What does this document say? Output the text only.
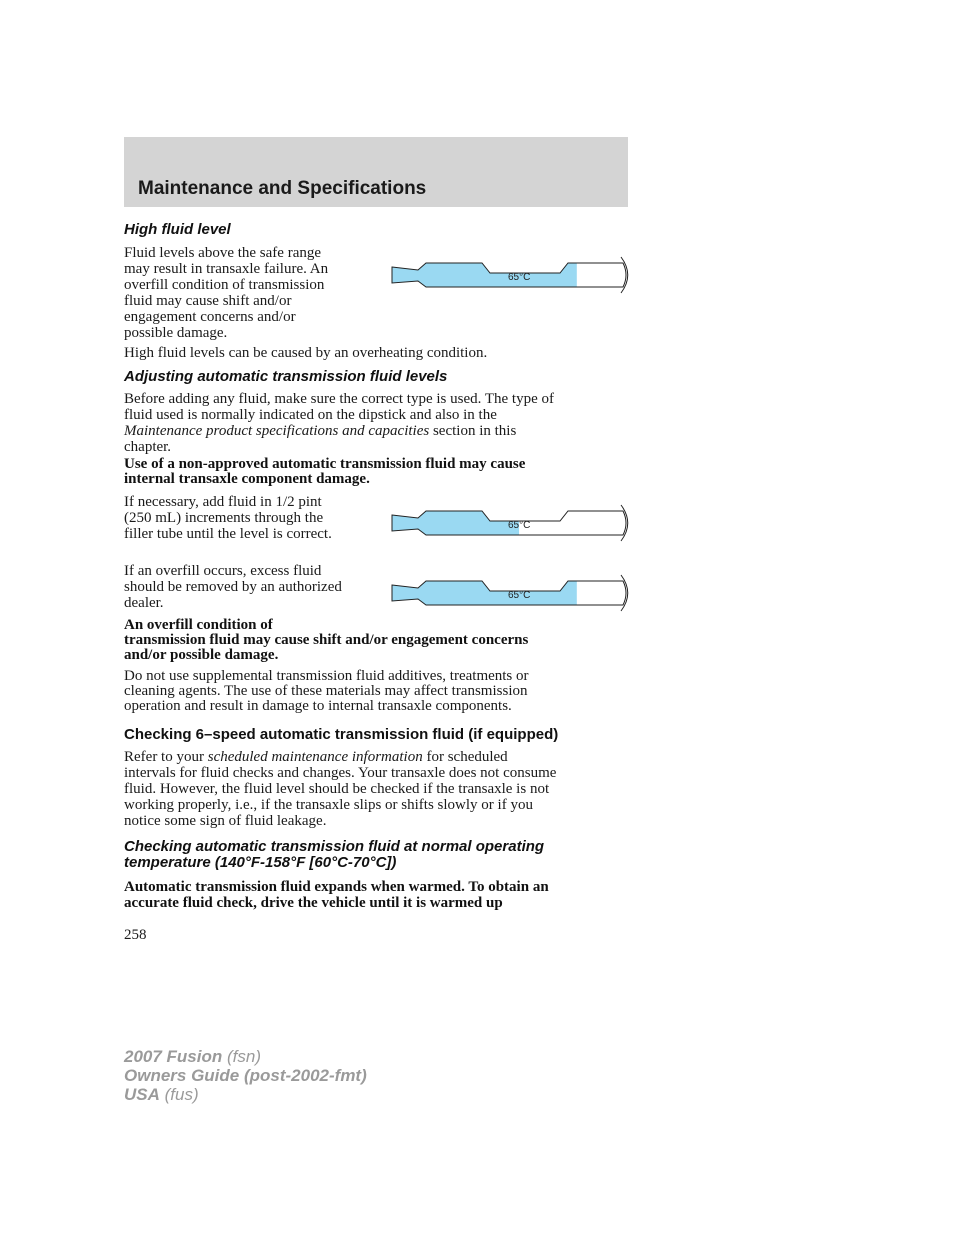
Maintenance and Specifications
High fluid level
Fluid levels above the safe range
may result in transaxle failure. An
overfill condition of transmission
fluid may cause shift and/or
engagement concerns and/or
possible damage.
65°C
High fluid levels can be caused by an overheating condition.
Adjusting automatic transmission fluid levels
Before adding any fluid, make sure the correct type is used. The type of
fluid used is normally indicated on the dipstick and also in the
Maintenance product specifications and capacities section in this
chapter.
Use of a non-approved automatic transmission fluid may cause
internal transaxle component damage.
If necessary, add fluid in 1/2 pint
(250 mL) increments through the
filler tube until the level is correct.
65°C
If an overfill occurs, excess fluid
should be removed by an authorized
dealer.	65°C
An overfill condition of
transmission fluid may cause shift and/or engagement concerns
and/or possible damage.
Do not use supplemental transmission fluid additives, treatments or
cleaning agents. The use of these materials may affect transmission
operation and result in damage to internal transaxle components.
Checking 6–speed automatic transmission fluid (if equipped)
Refer to your scheduled maintenance information for scheduled
intervals for fluid checks and changes. Your transaxle does not consume
fluid. However, the fluid level should be checked if the transaxle is not
working properly, i.e., if the transaxle slips or shifts slowly or if you
notice some sign of fluid leakage.
Checking automatic transmission fluid at normal operating
temperature (140°F-158°F [60°C-70°C])
Automatic transmission fluid expands when warmed. To obtain an
accurate fluid check, drive the vehicle until it is warmed up
258
2007 Fusion (fsn)
Owners Guide (post-2002-fmt)
USA (fus)
